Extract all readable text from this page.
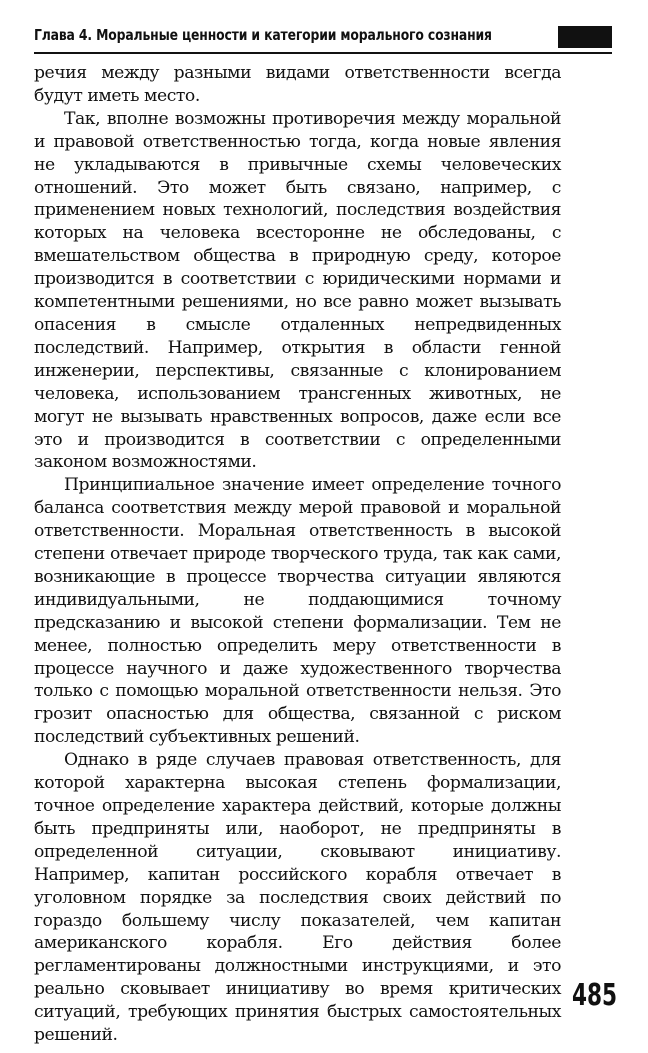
Глава 4. Моральные ценности и категории морального сознания

речия между разными видами ответственности всегда будут иметь место.

Так, вполне возможны противоречия между моральной и правовой ответственностью тогда, когда новые явления не укладываются в привычные схемы человеческих отношений. Это может быть связано, например, с применением новых технологий, последствия воздействия которых на человека всесторонне не обследованы, с вмешательством общества в природную среду, которое производится в соответствии с юридическими нормами и компетентными решениями, но все равно может вызывать опасения в смысле отдаленных непредвиденных последствий. Например, открытия в области генной инженерии, перспективы, связанные с клонированием человека, использованием трансгенных животных, не могут не вызывать нравственных вопросов, даже если все это и производится в соответствии с определенными законом возможностями.

Принципиальное значение имеет определение точного баланса соответствия между мерой правовой и моральной ответственности. Моральная ответственность в высокой степени отвечает природе творческого труда, так как сами, возникающие в процессе творчества ситуации являются индивидуальными, не поддающимися точному предсказанию и высокой степени формализации. Тем не менее, полностью определить меру ответственности в процессе научного и даже художественного творчества только с помощью моральной ответственности нельзя. Это грозит опасностью для общества, связанной с риском последствий субъективных решений.

Однако в ряде случаев правовая ответственность, для которой характерна высокая степень формализации, точное определение характера действий, которые должны быть предприняты или, наоборот, не предприняты в определенной ситуации, сковывают инициативу. Например, капитан российского корабля отвечает в уголовном порядке за последствия своих действий по гораздо большему числу показателей, чем капитан американского корабля. Его действия более регламентированы должностными инструкциями, и это реально сковывает инициативу во время критических ситуаций, требующих принятия быстрых самостоятельных решений.

485
